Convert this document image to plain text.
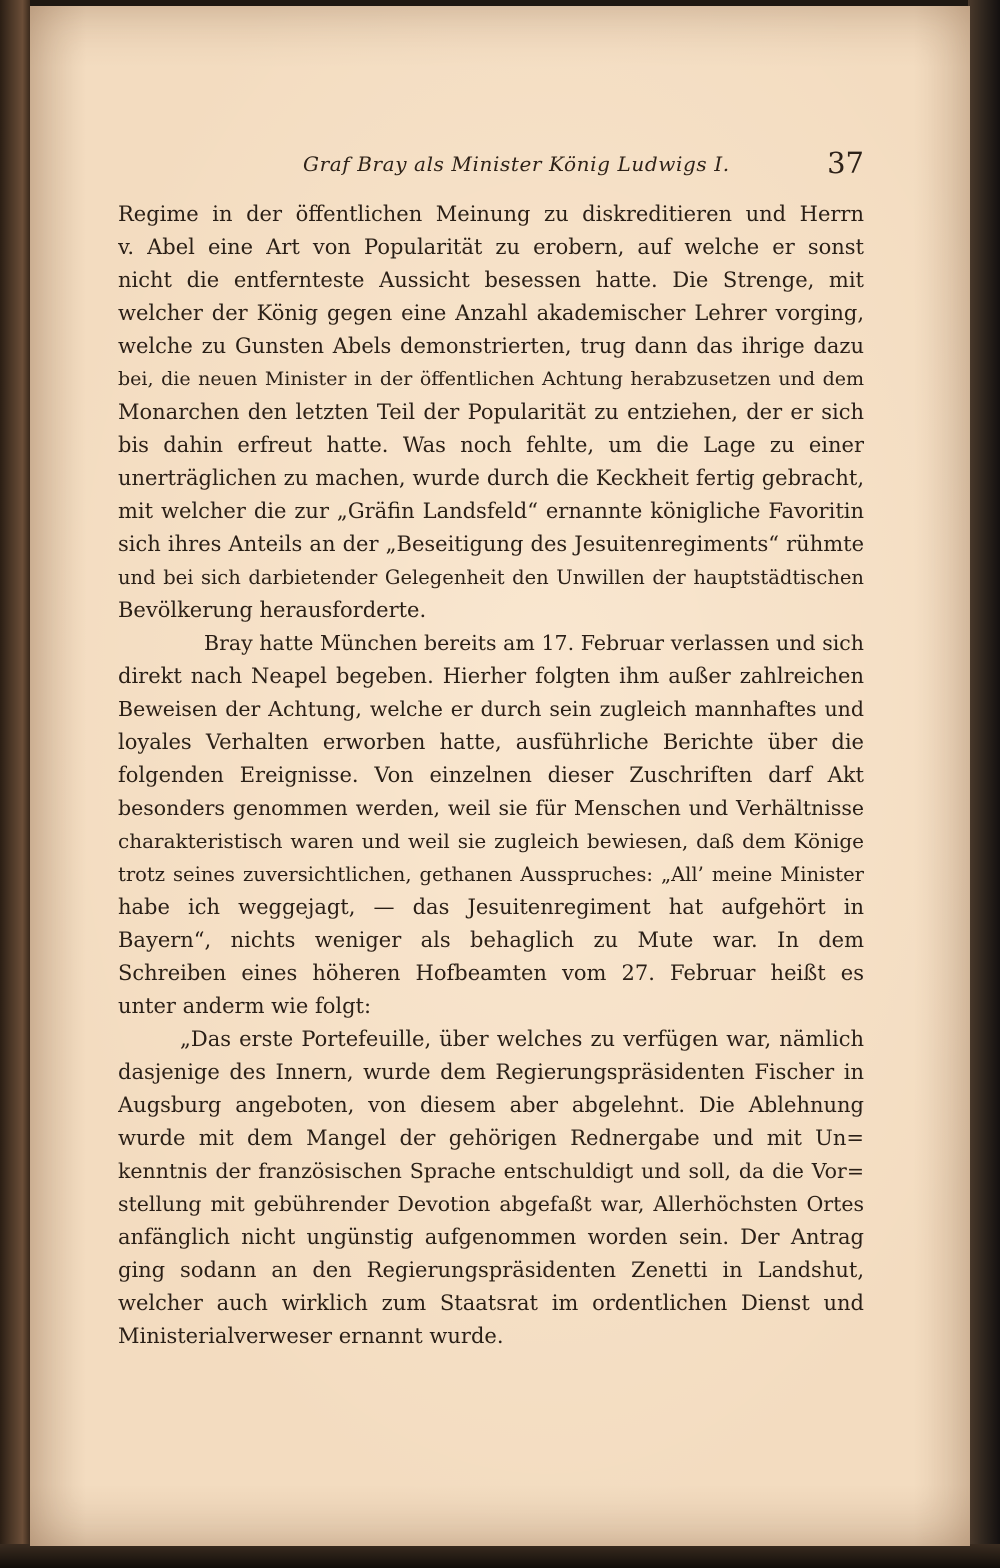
Graf Bray als Minister König Ludwigs I.	37
Regime in der öffentlichen Meinung zu diskreditieren und Herrn
v. Abel eine Art von Popularität zu erobern, auf welche er sonst
nicht die entfernteste Aussicht besessen hatte. Die Strenge, mit
welcher der König gegen eine Anzahl akademischer Lehrer vorging,
welche zu Gunsten Abels demonstrierten, trug dann das ihrige dazu
bei, die neuen Minister in der öffentlichen Achtung herabzusetzen und dem
Monarchen den letzten Teil der Popularität zu entziehen, der er sich
bis dahin erfreut hatte. Was noch fehlte, um die Lage zu einer
unerträglichen zu machen, wurde durch die Keckheit fertig gebracht,
mit welcher die zur „Gräfin Landsfeld“ ernannte königliche Favoritin
sich ihres Anteils an der „Beseitigung des Jesuitenregiments“ rühmte
und bei sich darbietender Gelegenheit den Unwillen der hauptstädtischen
Bevölkerung herausforderte.
Bray hatte München bereits am 17. Februar verlassen und sich
direkt nach Neapel begeben. Hierher folgten ihm außer zahlreichen
Beweisen der Achtung, welche er durch sein zugleich mannhaftes und
loyales Verhalten erworben hatte, ausführliche Berichte über die
folgenden Ereignisse. Von einzelnen dieser Zuschriften darf Akt
besonders genommen werden, weil sie für Menschen und Verhältnisse
charakteristisch waren und weil sie zugleich bewiesen, daß dem Könige
trotz seines zuversichtlichen, gethanen Ausspruches: „All’ meine Minister
habe ich weggejagt, — das Jesuitenregiment hat aufgehört in
Bayern“, nichts weniger als behaglich zu Mute war. In dem
Schreiben eines höheren Hofbeamten vom 27. Februar heißt es
unter anderm wie folgt:
„Das erste Portefeuille, über welches zu verfügen war, nämlich
dasjenige des Innern, wurde dem Regierungspräsidenten Fischer in
Augsburg angeboten, von diesem aber abgelehnt. Die Ablehnung
wurde mit dem Mangel der gehörigen Rednergabe und mit Un=
kenntnis der französischen Sprache entschuldigt und soll, da die Vor=
stellung mit gebührender Devotion abgefaßt war, Allerhöchsten Ortes
anfänglich nicht ungünstig aufgenommen worden sein. Der Antrag
ging sodann an den Regierungspräsidenten Zenetti in Landshut,
welcher auch wirklich zum Staatsrat im ordentlichen Dienst und
Ministerialverweser ernannt wurde.
